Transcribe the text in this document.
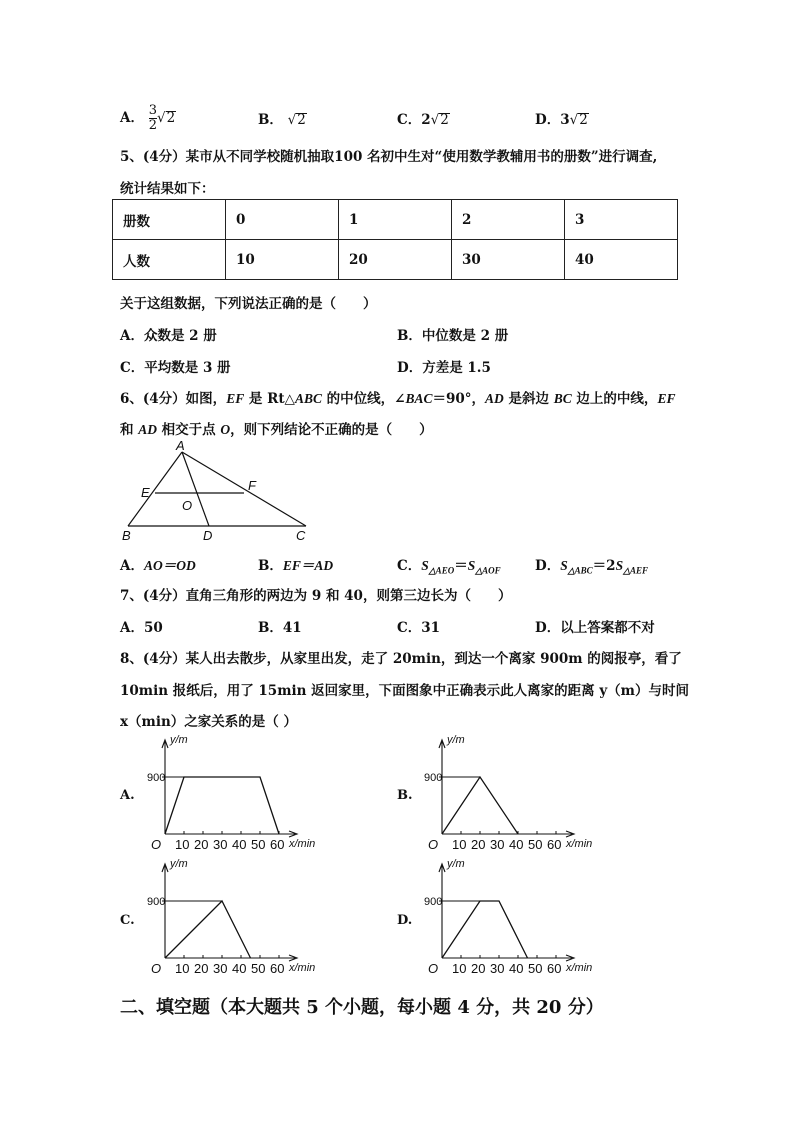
A． $\frac{3}{2} √2$	B． √2	C．2√2	D．3√2
5、(4分）某市从不同学校随机抽取100 名初中生对“使用数学教辅用书的册数”进行调查,
统计结果如下：
册数	0	1	2	3
人数	10	20	30	40
关于这组数据，下列说法正确的是（　　）
A．众数是 2 册	B．中位数是 2 册
C．平均数是 3 册	D．方差是 1.5
6、(4分）如图，EF 是 Rt△ABC 的中位线，∠BAC＝90°，AD 是斜边 BC 边上的中线，EF
和 AD 相交于点 O，则下列结论不正确的是（　　）
A
B	C
D
E	F
O
A．AO＝OD	B．EF＝AD	C．$S_{\triangle AEO}=S_{\triangle AOF}$	D．$S_{\triangle ABC}=2S_{\triangle AEF}$
7、(4分）直角三角形的两边为 9 和 40，则第三边长为（　　）
A．50	B．41	C．31	D．以上答案都不对
8、(4分）某人出去散步，从家里出发，走了 20min，到达一个离家 900m 的阅报亭，看了
10min 报纸后，用了 15min 返回家里，下面图象中正确表示此人离家的距离 y（m）与时间
x（min）之家关系的是（ ）
A.	B.
C.	D.
900
10 20 30 40 50 60
O
y/m
x/min
900
10 20 30 40 50 60
O
y/m
x/min
900
10 20 30 40 50 60
O
y/m
x/min
900
10 20 30 40 50 60
O
y/m
x/min
二、填空题（本大题共 5 个小题，每小题 4 分，共 20 分）
